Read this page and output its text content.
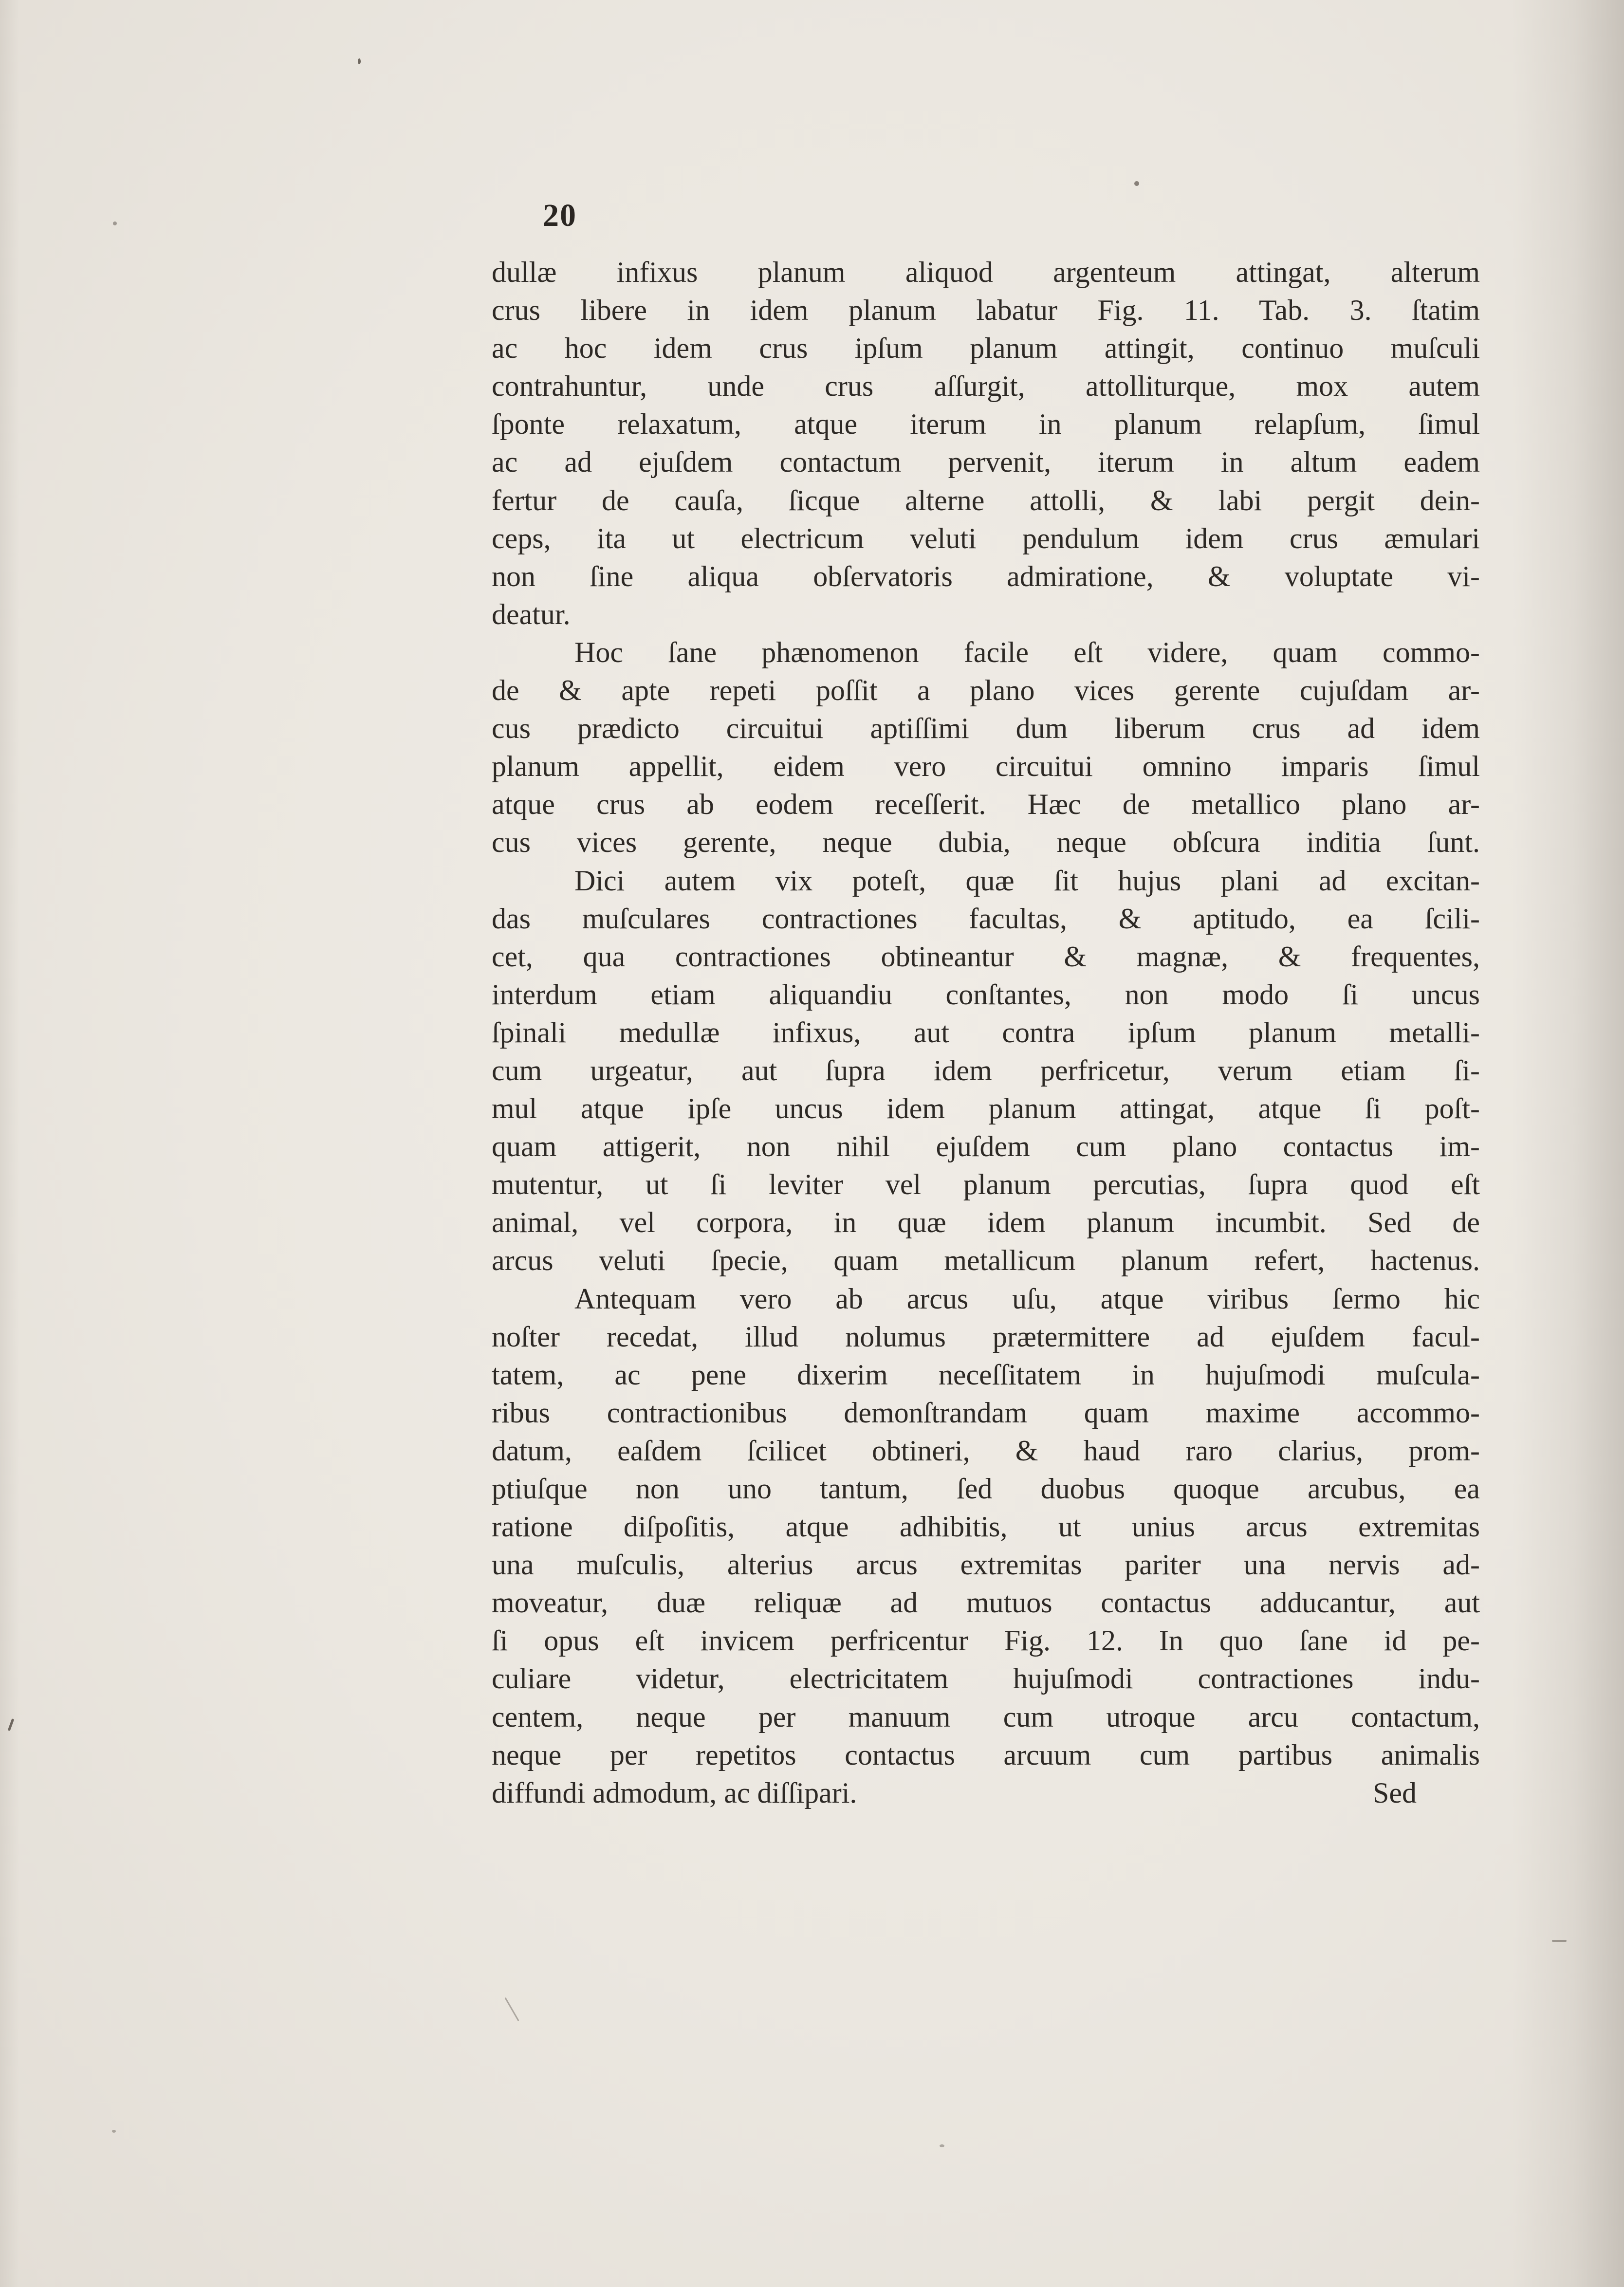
20
dullæ infixus planum aliquod argenteum attingat, alterum
crus libere in idem planum labatur Fig. 11. Tab. 3. ſtatim
ac hoc idem crus ipſum planum attingit, continuo muſculi
contrahuntur, unde crus aſſurgit, attolliturque, mox autem
ſponte relaxatum, atque iterum in planum relapſum, ſimul
ac ad ejuſdem contactum pervenit, iterum in altum eadem
fertur de cauſa, ſicque alterne attolli, & labi pergit dein-
ceps, ita ut electricum veluti pendulum idem crus æmulari
non ſine aliqua obſervatoris admiratione, & voluptate vi-
deatur.
Hoc ſane phænomenon facile eſt videre, quam commo-
de & apte repeti poſſit a plano vices gerente cujuſdam ar-
cus prædicto circuitui aptiſſimi dum liberum crus ad idem
planum appellit, eidem vero circuitui omnino imparis ſimul
atque crus ab eodem receſſerit. Hæc de metallico plano ar-
cus vices gerente, neque dubia, neque obſcura inditia ſunt.
Dici autem vix poteſt, quæ ſit hujus plani ad excitan-
das muſculares contractiones facultas, & aptitudo, ea ſcili-
cet, qua contractiones obtineantur & magnæ, & frequentes,
interdum etiam aliquandiu conſtantes, non modo ſi uncus
ſpinali medullæ infixus, aut contra ipſum planum metalli-
cum urgeatur, aut ſupra idem perfricetur, verum etiam ſi-
mul atque ipſe uncus idem planum attingat, atque ſi poſt-
quam attigerit, non nihil ejuſdem cum plano contactus im-
mutentur, ut ſi leviter vel planum percutias, ſupra quod eſt
animal, vel corpora, in quæ idem planum incumbit. Sed de
arcus veluti ſpecie, quam metallicum planum refert, hactenus.
Antequam vero ab arcus uſu, atque viribus ſermo hic
noſter recedat, illud nolumus prætermittere ad ejuſdem facul-
tatem, ac pene dixerim neceſſitatem in hujuſmodi muſcula-
ribus contractionibus demonſtrandam quam maxime accommo-
datum, eaſdem ſcilicet obtineri, & haud raro clarius, prom-
ptiuſque non uno tantum, ſed duobus quoque arcubus, ea
ratione diſpoſitis, atque adhibitis, ut unius arcus extremitas
una muſculis, alterius arcus extremitas pariter una nervis ad-
moveatur, duæ reliquæ ad mutuos contactus adducantur, aut
ſi opus eſt invicem perfricentur Fig. 12. In quo ſane id pe-
culiare videtur, electricitatem hujuſmodi contractiones indu-
centem, neque per manuum cum utroque arcu contactum,
neque per repetitos contactus arcuum cum partibus animalis
diffundi admodum, ac diſſipari.	Sed
